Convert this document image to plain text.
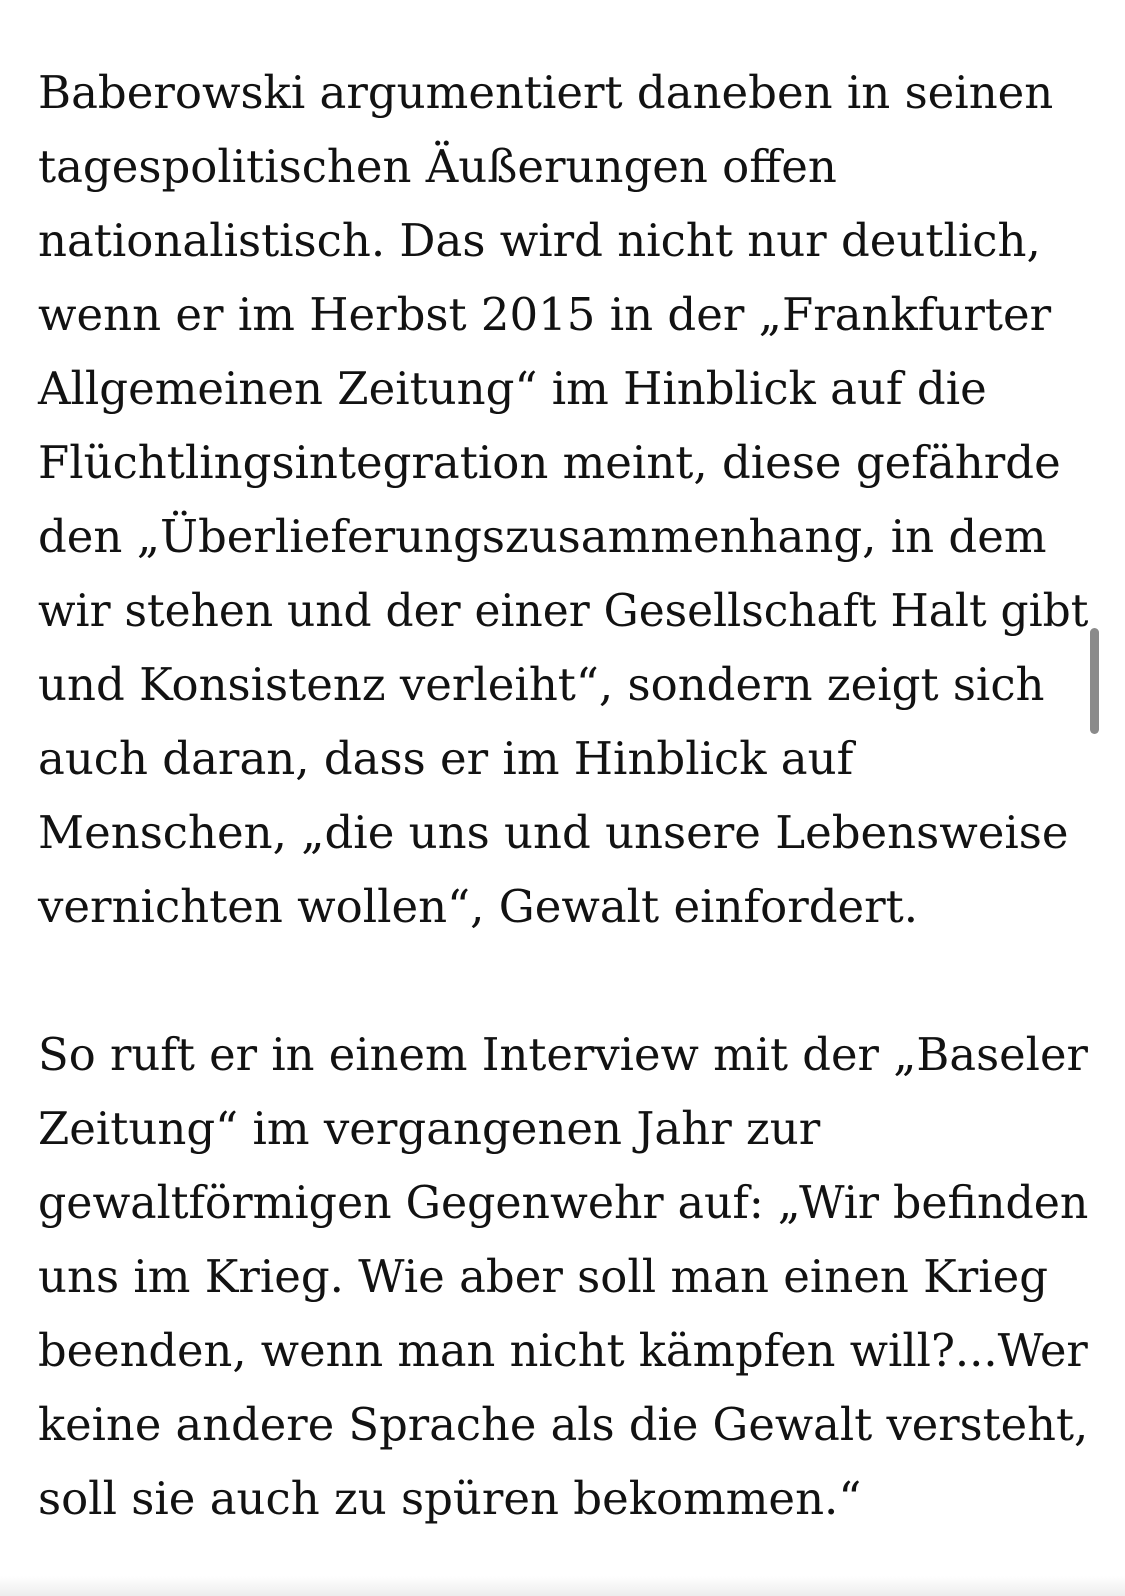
Baberowski argumentiert daneben in seinen
tagespolitischen Äußerungen offen
nationalistisch. Das wird nicht nur deutlich,
wenn er im Herbst 2015 in der „Frankfurter
Allgemeinen Zeitung“ im Hinblick auf die
Flüchtlingsintegration meint, diese gefährde
den „Überlieferungszusammenhang, in dem
wir stehen und der einer Gesellschaft Halt gibt
und Konsistenz verleiht“, sondern zeigt sich
auch daran, dass er im Hinblick auf
Menschen, „die uns und unsere Lebensweise
vernichten wollen“, Gewalt einfordert.

So ruft er in einem Interview mit der „Baseler
Zeitung“ im vergangenen Jahr zur
gewaltförmigen Gegenwehr auf: „Wir befinden
uns im Krieg. Wie aber soll man einen Krieg
beenden, wenn man nicht kämpfen will?...Wer
keine andere Sprache als die Gewalt versteht,
soll sie auch zu spüren bekommen.“
